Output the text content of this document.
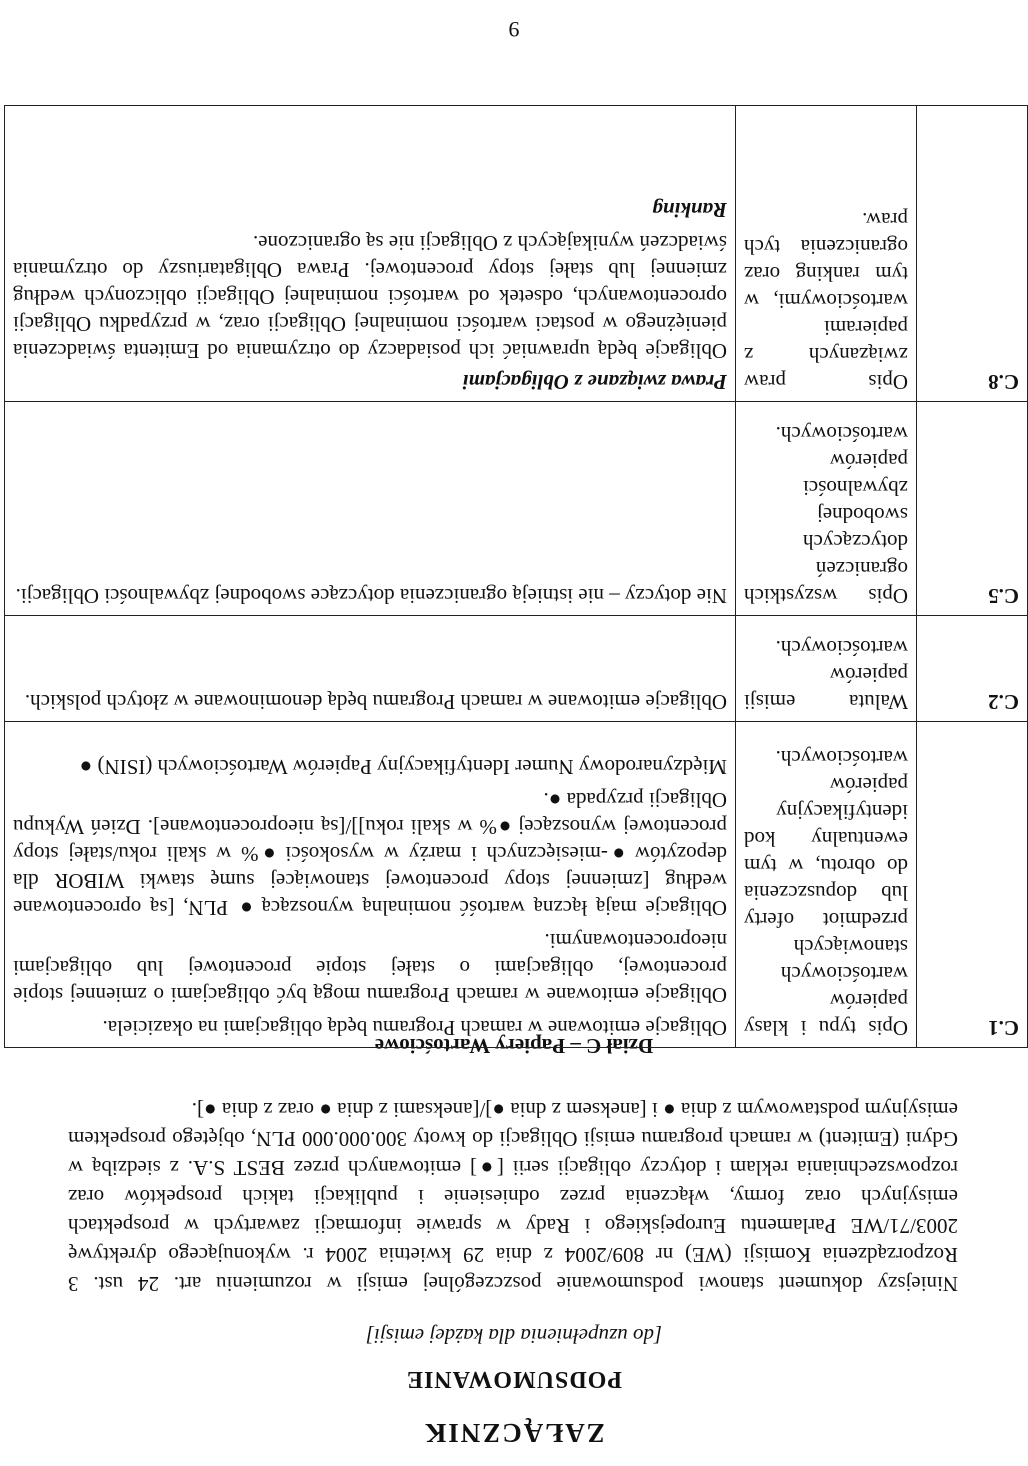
ZAŁĄCZNIK
PODSUMOWANIE
[do uzupełnienia dla każdej emisji]

Niniejszy dokument stanowi podsumowanie poszczególnej emisji w rozumieniu art. 24 ust. 3 Rozporządzenia Komisji (WE) nr 809/2004 z dnia 29 kwietnia 2004 r. wykonującego dyrektywę 2003/71/WE Parlamentu Europejskiego i Rady w sprawie informacji zawartych w prospektach emisyjnych oraz formy, włączenia przez odniesienie i publikacji takich prospektów oraz rozpowszechniania reklam i dotyczy obligacji serii [●] emitowanych przez BEST S.A. z siedzibą w Gdyni (Emitent) w ramach programu emisji Obligacji do kwoty 300.000.000 PLN, objętego prospektem emisyjnym podstawowym z dnia ● i [aneksem z dnia ●]/[aneksami z dnia ● oraz z dnia ●].

Dział C – Papiery Wartościowe
C.1	Opis typu i klasy papierów wartościowych stanowiących przedmiot oferty lub dopuszczenia do obrotu, w tym ewentualny kod identyfikacyjny papierów wartościowych.	Obligacje emitowane w ramach Programu będą obligacjami na okaziciela.

Obligacje emitowane w ramach Programu mogą być obligacjami o zmiennej stopie procentowej, obligacjami o stałej stopie procentowej lub obligacjami nieoprocentowanymi.

Obligacje mają łączną wartość nominalną wynoszącą ● PLN, [są oprocentowane według [zmiennej stopy procentowej stanowiącej sumę stawki WIBOR dla depozytów ●-miesięcznych i marży w wysokości ●% w skali roku/stałej stopy procentowej wynoszącej ●% w skali roku]]/[są nieoprocentowane]. Dzień Wykupu Obligacji przypada ●.

Międzynarodowy Numer Identyfikacyjny Papierów Wartościowych (ISIN) ●

C.2	Waluta emisji papierów wartościowych.	Obligacje emitowane w ramach Programu będą denominowane w złotych polskich.

C.5	Opis wszystkich ograniczeń dotyczących swobodnej zbywalności papierów wartościowych.	Nie dotyczy – nie istnieją ograniczenia dotyczące swobodnej zbywalności Obligacji.

C.8	Opis praw związanych z papierami wartościowymi, w tym ranking oraz ograniczenia tych praw.	Prawa związane z Obligacjami

Obligacje będą uprawniać ich posiadaczy do otrzymania od Emitenta świadczenia pieniężnego w postaci wartości nominalnej Obligacji oraz, w przypadku Obligacji oprocentowanych, odsetek od wartości nominalnej Obligacji obliczonych według zmiennej lub stałej stopy procentowej. Prawa Obligatariuszy do otrzymania świadczeń wynikających z Obligacji nie są ograniczone.

Ranking
9
